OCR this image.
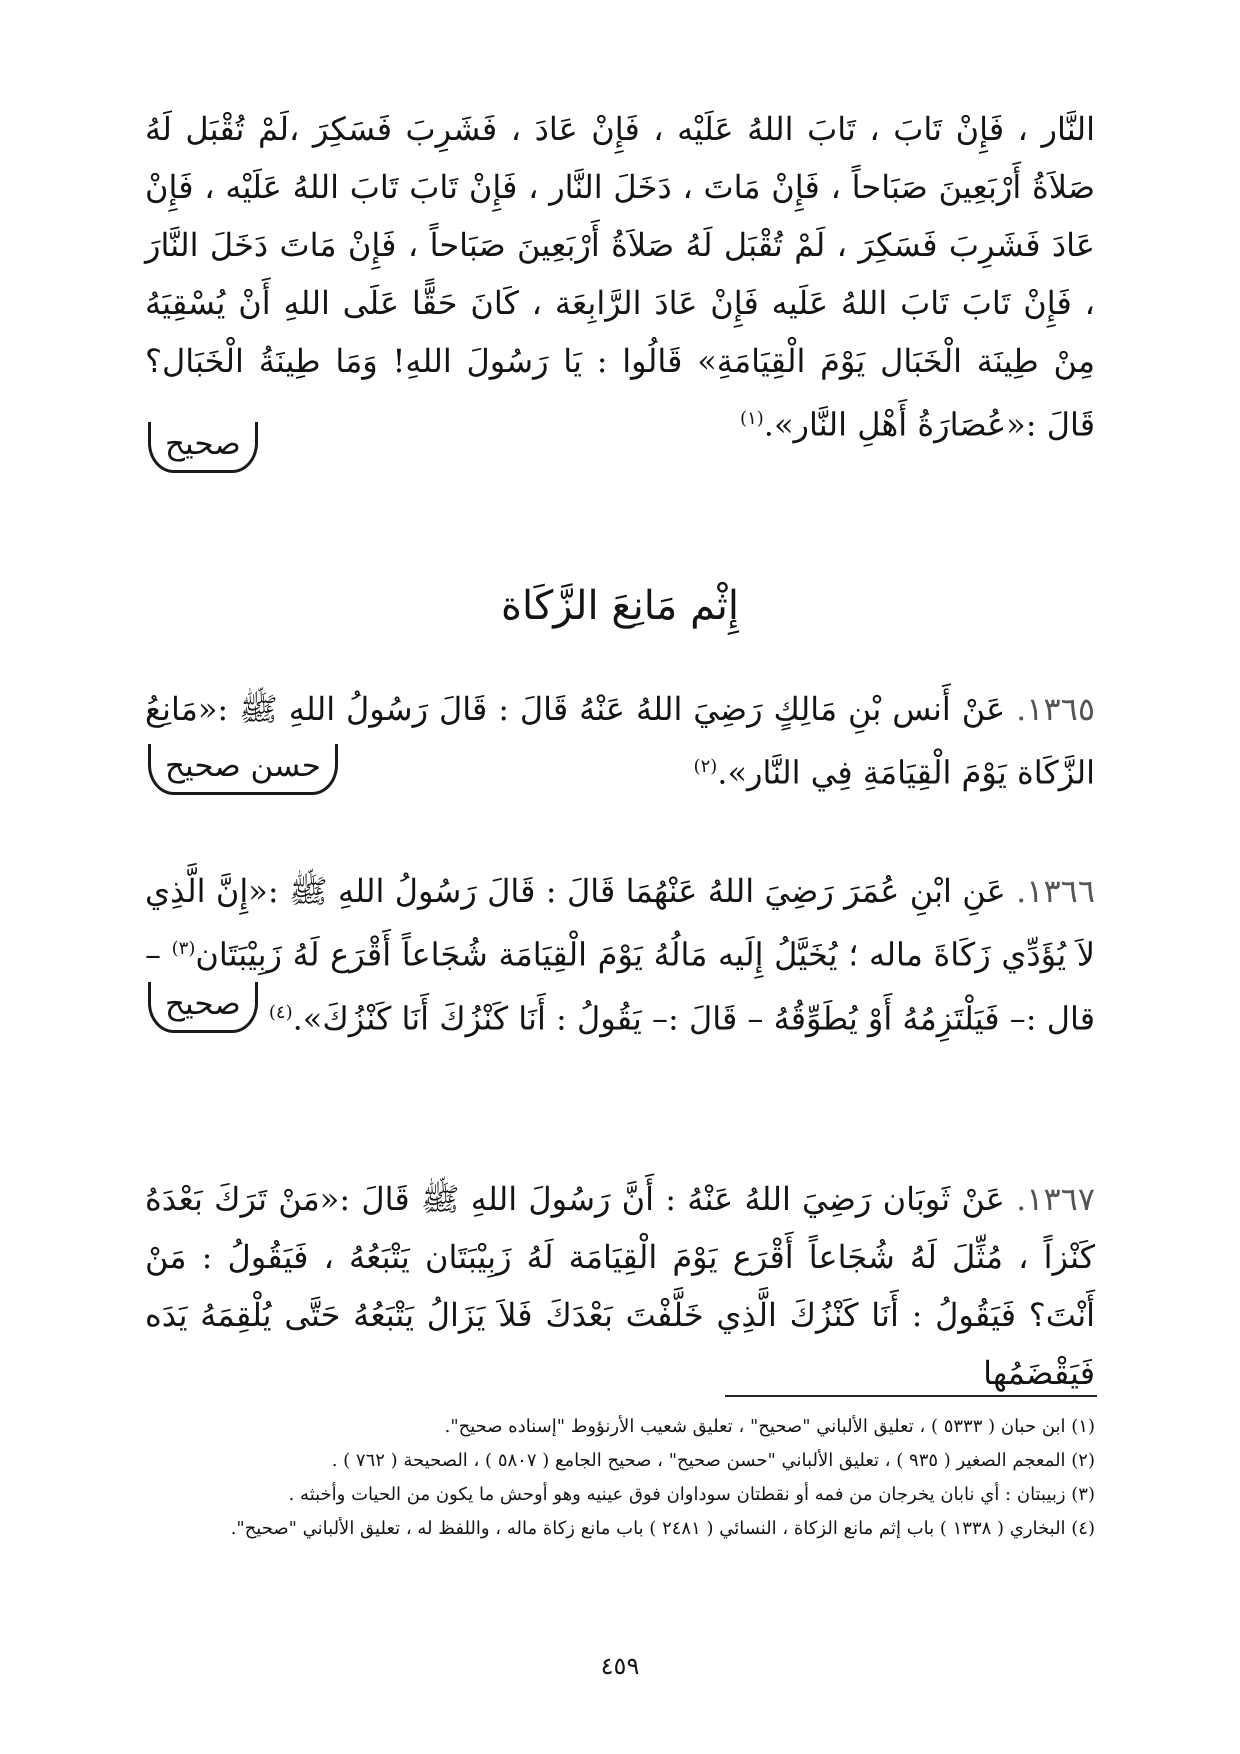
النَّار ، فَإِنْ تَابَ ، تَابَ اللهُ عَلَيْه ، فَإِنْ عَادَ ، فَشَرِبَ فَسَكِرَ ،لَمْ تُقْبَل لَهُ صَلاَةُ أَرْبَعِينَ صَبَاحاً ، فَإِنْ مَاتَ ، دَخَلَ النَّار ، فَإِنْ تَابَ تَابَ اللهُ عَلَيْه ، فَإِنْ عَادَ فَشَرِبَ فَسَكِرَ ، لَمْ تُقْبَل لَهُ صَلاَةُ أَرْبَعِينَ صَبَاحاً ، فَإِنْ مَاتَ دَخَلَ النَّارَ ، فَإِنْ تَابَ تَابَ اللهُ عَلَيه فَإِنْ عَادَ الرَّابِعَة ، كَانَ حَقًّا عَلَى اللهِ أَنْ يُسْقِيَهُ مِنْ طِينَة الْخَبَال يَوْمَ الْقِيَامَةِ» قَالُوا : يَا رَسُولَ اللهِ! وَمَا طِينَةُ الْخَبَال؟ قَالَ :«عُصَارَةُ أَهْلِ النَّار».$^{(١)}$
صحيح
إِثْم مَانِعَ الزَّكَاة
١٣٦٥. عَنْ أَنس بْنِ مَالِكٍ رَضِيَ اللهُ عَنْهُ قَالَ : قَالَ رَسُولُ اللهِ ﷺ :«مَانِعُ الزَّكَاة يَوْمَ الْقِيَامَةِ فِي النَّار».$^{(٢)}$
حسن صحيح
١٣٦٦. عَنِ ابْنِ عُمَرَ رَضِيَ اللهُ عَنْهُمَا قَالَ : قَالَ رَسُولُ اللهِ ﷺ :«إِنَّ الَّذِي لاَ يُؤَدِّي زَكَاةَ ماله ؛ يُخَيَّلُ إِلَيه مَالُهُ يَوْمَ الْقِيَامَة شُجَاعاً أَقْرَع لَهُ زَبِيْبَتَان$^{(٣)}$ – قال :– فَيَلْتَزِمُهُ أَوْ يُطَوِّقُهُ – قَالَ :– يَقُولُ : أَنَا كَنْزُكَ أَنَا كَنْزُكَ».$^{(٤)}$
صحيح
١٣٦٧. عَنْ ثَوبَان رَضِيَ اللهُ عَنْهُ : أَنَّ رَسُولَ اللهِ ﷺ قَالَ :«مَنْ تَرَكَ بَعْدَهُ كَنْزاً ، مُثِّلَ لَهُ شُجَاعاً أَقْرَع يَوْمَ الْقِيَامَة لَهُ زَبِيْبَتَان يَتْبَعُهُ ، فَيَقُولُ : مَنْ أَنْتَ؟ فَيَقُولُ : أَنَا كَنْزُكَ الَّذِي خَلَّفْتَ بَعْدَكَ فَلاَ يَزَالُ يَتْبَعُهُ حَتَّى يُلْقِمَهُ يَدَه فَيَقْضَمُها

(١) ابن حبان ( ٥٣٣٣ ) ، تعليق الألباني "صحيح" ، تعليق شعيب الأرنؤوط "إسناده صحيح".

(٢) المعجم الصغير ( ٩٣٥ ) ، تعليق الألباني "حسن صحيح" ، صحيح الجامع ( ٥٨٠٧ ) ، الصحيحة ( ٧٦٢ ) .

(٣) زبيبتان : أي نابان يخرجان من فمه أو نقطتان سوداوان فوق عينيه وهو أوحش ما يكون من الحيات وأخبثه .

(٤) البخاري ( ١٣٣٨ ) باب إثم مانع الزكاة ، النسائي ( ٢٤٨١ ) باب مانع زكاة ماله ، واللفظ له ، تعليق الألباني "صحيح".

٤٥٩
